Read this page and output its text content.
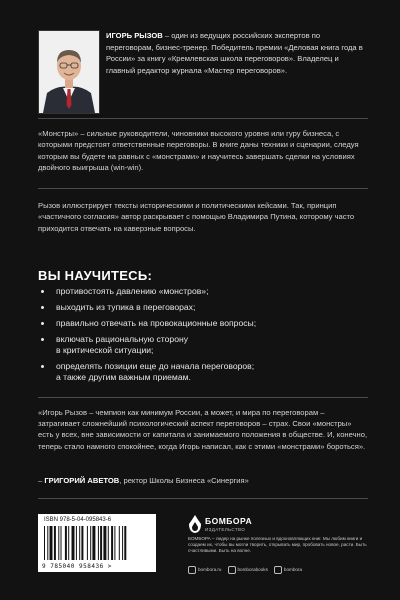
ИГОРЬ РЫЗОВ – один из ведущих российских экспертов по переговорам, бизнес-тренер. Победитель премии «Деловая книга года в России» за книгу «Кремлевская школа переговоров». Владелец и главный редактор журнала «Мастер переговоров».
«Монстры» – сильные руководители, чиновники высокого уровня или гуру бизнеса, с которыми предстоят ответственные переговоры. В книге даны техники и сценарии, следуя которым вы будете на равных с «монстрами» и научитесь завершать сделки на условиях двойного выигрыша (win-win).
Рызов иллюстрирует тексты историческими и политическими кейсами. Так, принцип «частичного согласия» автор раскрывает с помощью Владимира Путина, которому часто приходится отвечать на каверзные вопросы.
ВЫ НАУЧИТЕСЬ:
противостоять давлению «монстров»;
выходить из тупика в переговорах;
правильно отвечать на провокационные вопросы;
включать рациональную сторону
в критической ситуации;
определять позиции еще до начала переговоров;
а также другим важным приемам.
«Игорь Рызов – чемпион как минимум России, а может, и мира по переговорам – затрагивает сложнейший психологический аспект переговоров – страх. Свои «монстры» есть у всех, вне зависимости от капитала и занимаемого положения в обществе. И, конечно, теперь стало намного спокойнее, когда Игорь написал, как с этими «монстрами» бороться».
– ГРИГОРИЙ АВЕТОВ, ректор Школы Бизнеса «Синергия»
ISBN 978-5-04-095843-6
9 785040 958436 >
БОМБОРА
ИЗДАТЕЛЬСТВО
БОМБОРА – лидер на рынке полезных и вдохновляющих книг. Мы любим книги и создаем их, чтобы вы могли творить, открывать мир, пробовать новое, расти. Быть счастливыми. Быть на волне.
bombora.ru	bomborabooks	bombora
